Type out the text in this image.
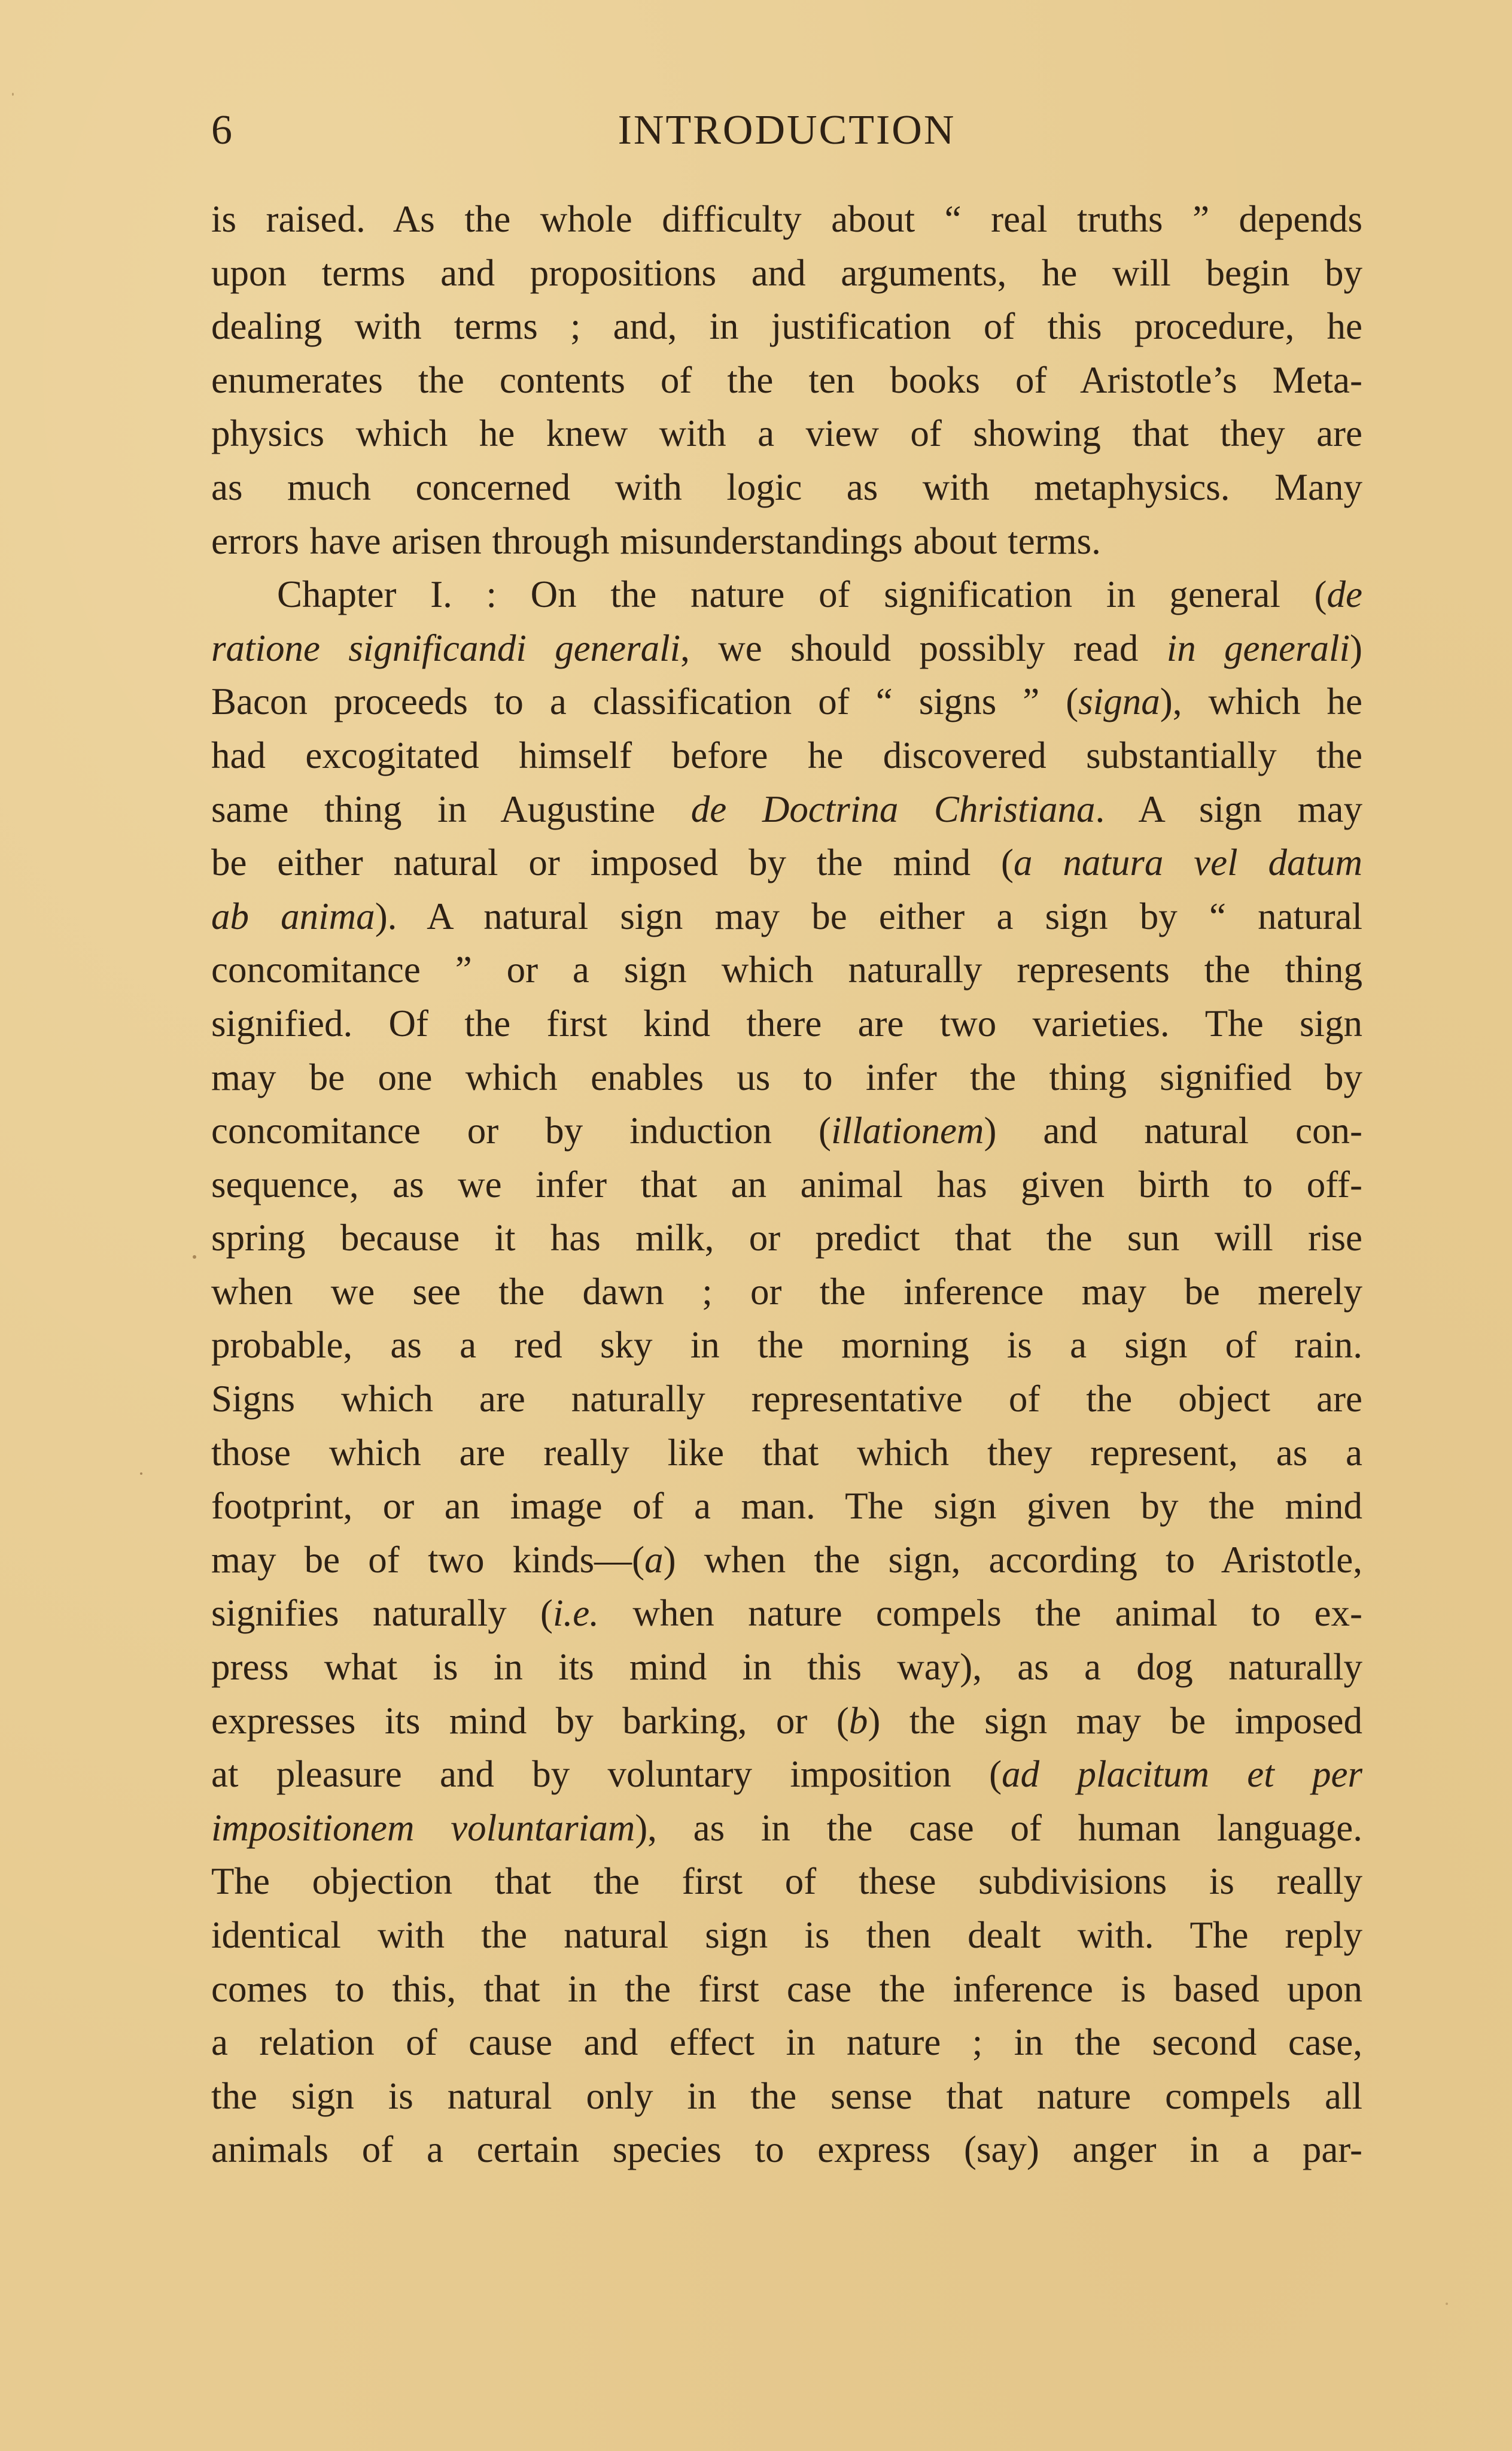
6	INTRODUCTION
is raised. As the whole difficulty about “ real truths ” depends
upon terms and propositions and arguments, he will begin by
dealing with terms ; and, in justification of this procedure, he
enumerates the contents of the ten books of Aristotle’s Meta-
physics which he knew with a view of showing that they are
as much concerned with logic as with metaphysics. Many
errors have arisen through misunderstandings about terms.
Chapter I. : On the nature of signification in general (de
ratione significandi generali, we should possibly read in generali)
Bacon proceeds to a classification of “ signs ” (signa), which he
had excogitated himself before he discovered substantially the
same thing in Augustine de Doctrina Christiana. A sign may
be either natural or imposed by the mind (a natura vel datum
ab anima). A natural sign may be either a sign by “ natural
concomitance ” or a sign which naturally represents the thing
signified. Of the first kind there are two varieties. The sign
may be one which enables us to infer the thing signified by
concomitance or by induction (illationem) and natural con-
sequence, as we infer that an animal has given birth to off-
spring because it has milk, or predict that the sun will rise
when we see the dawn ; or the inference may be merely
probable, as a red sky in the morning is a sign of rain.
Signs which are naturally representative of the object are
those which are really like that which they represent, as a
footprint, or an image of a man. The sign given by the mind
may be of two kinds—(a) when the sign, according to Aristotle,
signifies naturally (i.e. when nature compels the animal to ex-
press what is in its mind in this way), as a dog naturally
expresses its mind by barking, or (b) the sign may be imposed
at pleasure and by voluntary imposition (ad placitum et per
impositionem voluntariam), as in the case of human language.
The objection that the first of these subdivisions is really
identical with the natural sign is then dealt with. The reply
comes to this, that in the first case the inference is based upon
a relation of cause and effect in nature ; in the second case,
the sign is natural only in the sense that nature compels all
animals of a certain species to express (say) anger in a par-
